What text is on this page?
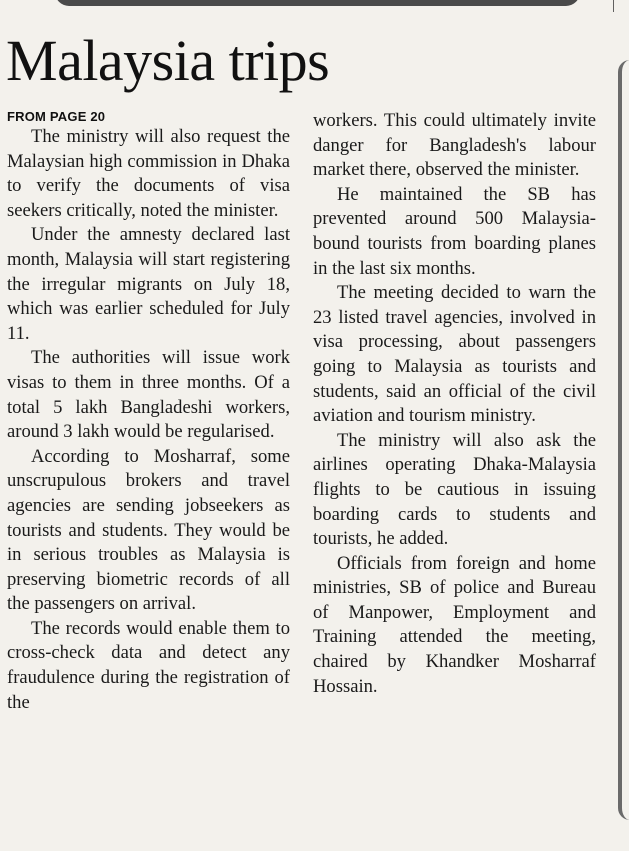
|
Malaysia trips
FROM PAGE 20

The ministry will also request the Malaysian high commission in Dhaka to verify the documents of visa seekers critically, noted the minister.

Under the amnesty declared last month, Malaysia will start registering the irregular migrants on July 18, which was earlier scheduled for July 11.

The authorities will issue work visas to them in three months. Of a total 5 lakh Bangladeshi workers, around 3 lakh would be regularised.

According to Mosharraf, some unscrupulous brokers and travel agencies are sending jobseekers as tourists and students. They would be in serious troubles as Malaysia is preserving biometric records of all the passengers on arrival.

The records would enable them to cross-check data and detect any fraudulence during the registration of the

workers. This could ultimately invite danger for Bangladesh's labour market there, observed the minister.

He maintained the SB has prevented around 500 Malaysia-bound tourists from boarding planes in the last six months.

The meeting decided to warn the 23 listed travel agencies, involved in visa processing, about passengers going to Malaysia as tourists and students, said an official of the civil aviation and tourism ministry.

The ministry will also ask the airlines operating Dhaka-Malaysia flights to be cautious in issuing boarding cards to students and tourists, he added.

Officials from foreign and home ministries, SB of police and Bureau of Manpower, Employment and Training attended the meeting, chaired by Khandker Mosharraf Hossain.
